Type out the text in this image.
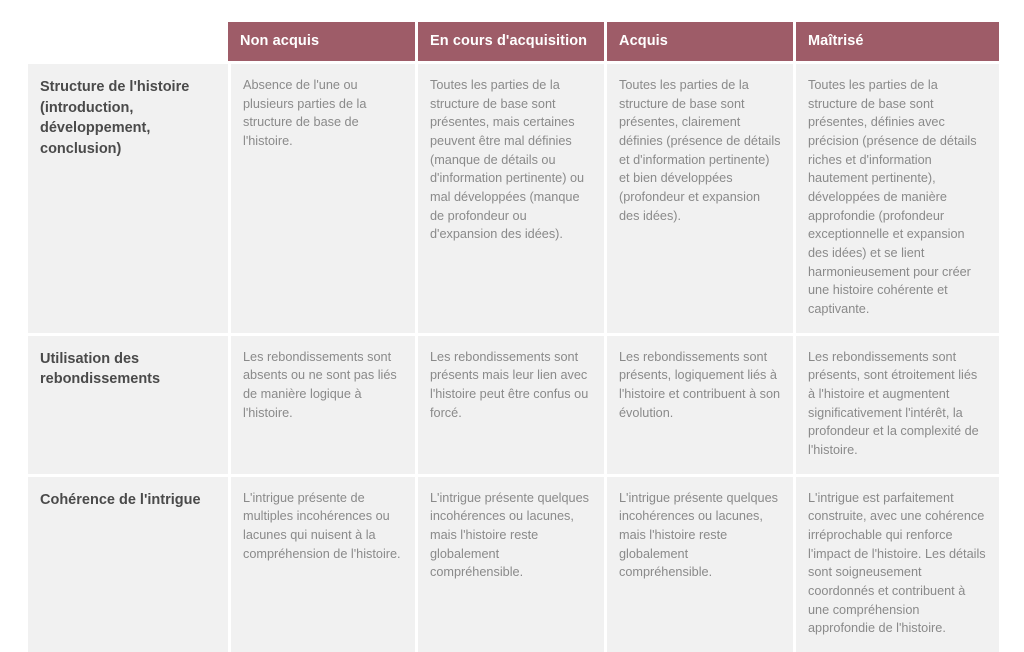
	Non acquis	En cours d'acquisition	Acquis	Maîtrisé
Structure de l'histoire (introduction, développement, conclusion)	Absence de l'une ou plusieurs parties de la structure de base de l'histoire.	Toutes les parties de la structure de base sont présentes, mais certaines peuvent être mal définies (manque de détails ou d'information pertinente) ou mal développées (manque de profondeur ou d'expansion des idées).	Toutes les parties de la structure de base sont présentes, clairement définies (présence de détails et d'information pertinente) et bien développées (profondeur et expansion des idées).	Toutes les parties de la structure de base sont présentes, définies avec précision (présence de détails riches et d'information hautement pertinente), développées de manière approfondie (profondeur exceptionnelle et expansion des idées) et se lient harmonieusement pour créer une histoire cohérente et captivante.
Utilisation des rebondissements	Les rebondissements sont absents ou ne sont pas liés de manière logique à l'histoire.	Les rebondissements sont présents mais leur lien avec l'histoire peut être confus ou forcé.	Les rebondissements sont présents, logiquement liés à l'histoire et contribuent à son évolution.	Les rebondissements sont présents, sont étroitement liés à l'histoire et augmentent significativement l'intérêt, la profondeur et la complexité de l'histoire.
Cohérence de l'intrigue	L'intrigue présente de multiples incohérences ou lacunes qui nuisent à la compréhension de l'histoire.	L'intrigue présente quelques incohérences ou lacunes, mais l'histoire reste globalement compréhensible.	L'intrigue présente quelques incohérences ou lacunes, mais l'histoire reste globalement compréhensible.	L'intrigue est parfaitement construite, avec une cohérence irréprochable qui renforce l'impact de l'histoire. Les détails sont soigneusement coordonnés et contribuent à une compréhension approfondie de l'histoire.
